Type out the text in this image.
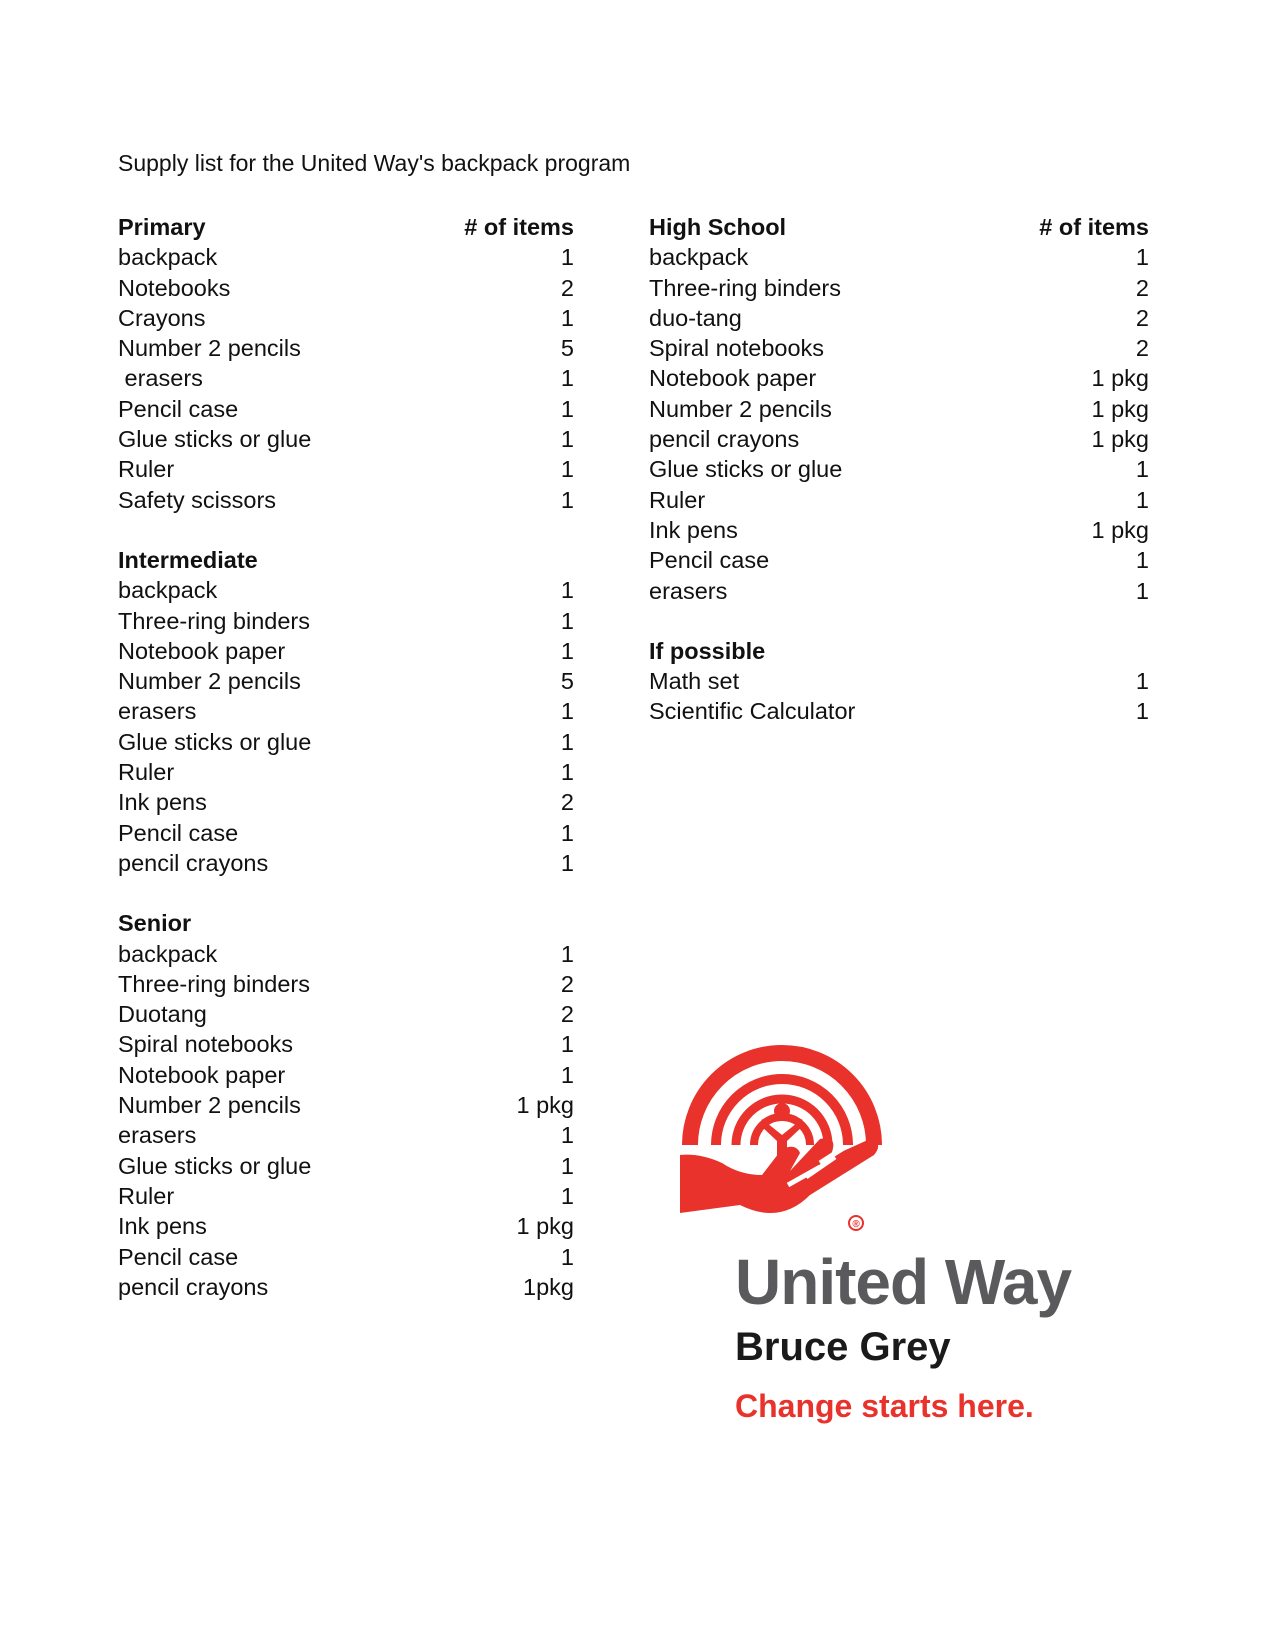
Supply list for the United Way's backpack program
Primary	# of items
backpack	1
Notebooks	2
Crayons	1
Number 2 pencils	5
erasers	1
Pencil case	1
Glue sticks or glue	1
Ruler	1
Safety scissors	1
Intermediate
backpack	1
Three-ring binders	1
Notebook paper	1
Number 2 pencils	5
erasers	1
Glue sticks or glue	1
Ruler	1
Ink pens	2
Pencil case	1
pencil crayons	1
Senior
backpack	1
Three-ring binders	2
Duotang	2
Spiral notebooks	1
Notebook paper	1
Number 2 pencils	1 pkg
erasers	1
Glue sticks or glue	1
Ruler	1
Ink pens	1 pkg
Pencil case	1
pencil crayons	1pkg
High School	# of items
backpack	1
Three-ring binders	2
duo-tang	2
Spiral notebooks	2
Notebook paper	1 pkg
Number 2 pencils	1 pkg
pencil crayons	1 pkg
Glue sticks or glue	1
Ruler	1
Ink pens	1 pkg
Pencil case	1
erasers	1
If possible
Math set	1
Scientific Calculator	1
®
United Way
Bruce Grey
Change starts here.
